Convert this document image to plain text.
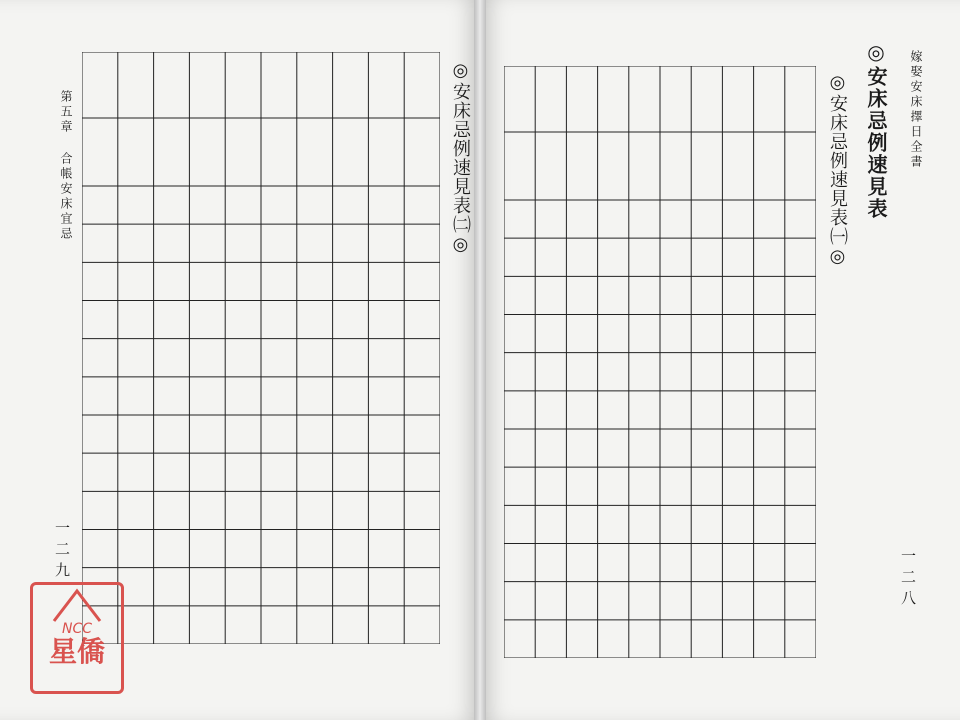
嫁娶安床擇日全書
◎安床忌例速見表
一二八
◎安床忌例速見表㈠◎
第五章 合帳安床宜忌
一二九
◎安床忌例速見表㈡◎
NCC
星僑
